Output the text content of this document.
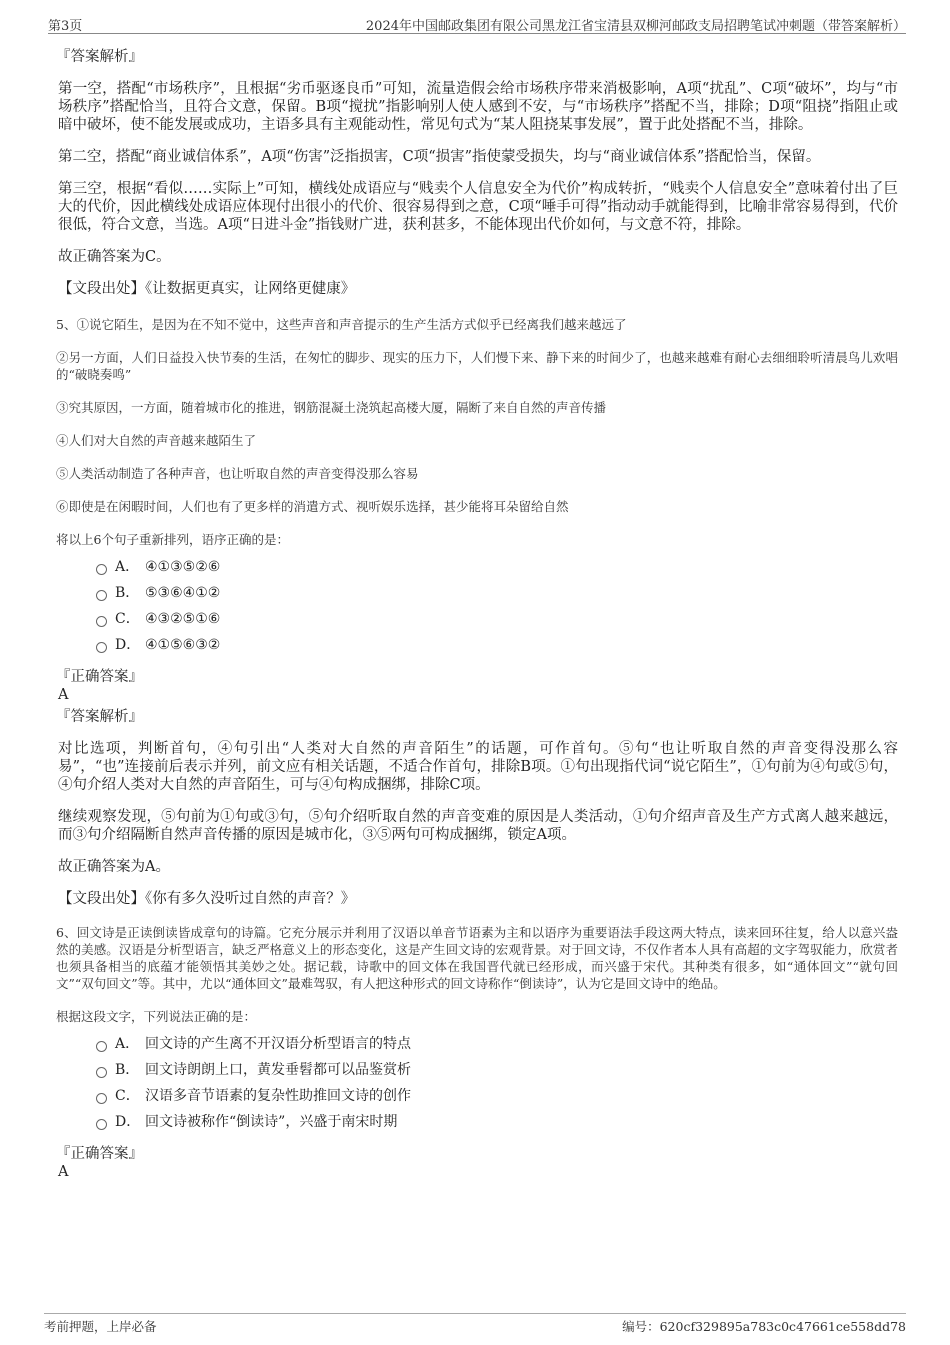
第3页	2024年中国邮政集团有限公司黑龙江省宝清县双柳河邮政支局招聘笔试冲刺题（带答案解析）
『答案解析』

第一空，搭配“市场秩序”，且根据“劣币驱逐良币”可知，流量造假会给市场秩序带来消极影响，A项“扰乱”、C项“破坏”，均与“市场秩序”搭配恰当，且符合文意，保留。B项“搅扰”指影响别人使人感到不安，与“市场秩序”搭配不当，排除；D项“阻挠”指阻止或暗中破坏，使不能发展或成功，主语多具有主观能动性，常见句式为“某人阻挠某事发展”，置于此处搭配不当，排除。

第二空，搭配“商业诚信体系”，A项“伤害”泛指损害，C项“损害”指使蒙受损失，均与“商业诚信体系”搭配恰当，保留。

第三空，根据“看似……实际上”可知，横线处成语应与“贱卖个人信息安全为代价”构成转折，“贱卖个人信息安全”意味着付出了巨大的代价，因此横线处成语应体现付出很小的代价、很容易得到之意，C项“唾手可得”指动动手就能得到，比喻非常容易得到，代价很低，符合文意，当选。A项“日进斗金”指钱财广进，获利甚多，不能体现出代价如何，与文意不符，排除。

故正确答案为C。

【文段出处】《让数据更真实，让网络更健康》

5、①说它陌生，是因为在不知不觉中，这些声音和声音提示的生产生活方式似乎已经离我们越来越远了

②另一方面，人们日益投入快节奏的生活，在匆忙的脚步、现实的压力下，人们慢下来、静下来的时间少了，也越来越难有耐心去细细聆听清晨鸟儿欢唱的“破晓奏鸣”

③究其原因，一方面，随着城市化的推进，钢筋混凝土浇筑起高楼大厦，隔断了来自自然的声音传播

④人们对大自然的声音越来越陌生了

⑤人类活动制造了各种声音，也让听取自然的声音变得没那么容易

⑥即使是在闲暇时间，人们也有了更多样的消遣方式、视听娱乐选择，甚少能将耳朵留给自然

将以上6个句子重新排列，语序正确的是：

A． ④①③⑤②⑥
B． ⑤③⑥④①②
C． ④③②⑤①⑥
D． ④①⑤⑥③②
『正确答案』
A
『答案解析』

对比选项，判断首句，④句引出“人类对大自然的声音陌生”的话题，可作首句。⑤句“也让听取自然的声音变得没那么容易”，“也”连接前后表示并列，前文应有相关话题，不适合作首句，排除B项。①句出现指代词“说它陌生”，①句前为④句或⑤句，④句介绍人类对大自然的声音陌生，可与④句构成捆绑，排除C项。

继续观察发现，⑤句前为①句或③句，⑤句介绍听取自然的声音变难的原因是人类活动，①句介绍声音及生产方式离人越来越远，而③句介绍隔断自然声音传播的原因是城市化，③⑤两句可构成捆绑，锁定A项。

故正确答案为A。

【文段出处】《你有多久没听过自然的声音？》

6、回文诗是正读倒读皆成章句的诗篇。它充分展示并利用了汉语以单音节语素为主和以语序为重要语法手段这两大特点，读来回环往复，给人以意兴盎然的美感。汉语是分析型语言，缺乏严格意义上的形态变化，这是产生回文诗的宏观背景。对于回文诗，不仅作者本人具有高超的文字驾驭能力，欣赏者也须具备相当的底蕴才能领悟其美妙之处。据记载，诗歌中的回文体在我国晋代就已经形成，而兴盛于宋代。其种类有很多，如“通体回文”“就句回文”“双句回文”等。其中，尤以“通体回文”最难驾驭，有人把这种形式的回文诗称作“倒读诗”，认为它是回文诗中的绝品。

根据这段文字，下列说法正确的是：

A． 回文诗的产生离不开汉语分析型语言的特点
B． 回文诗朗朗上口，黄发垂髫都可以品鉴赏析
C． 汉语多音节语素的复杂性助推回文诗的创作
D． 回文诗被称作“倒读诗”，兴盛于南宋时期
『正确答案』
A
考前押题，上岸必备	编号：620cf329895a783c0c47661ce558dd78
